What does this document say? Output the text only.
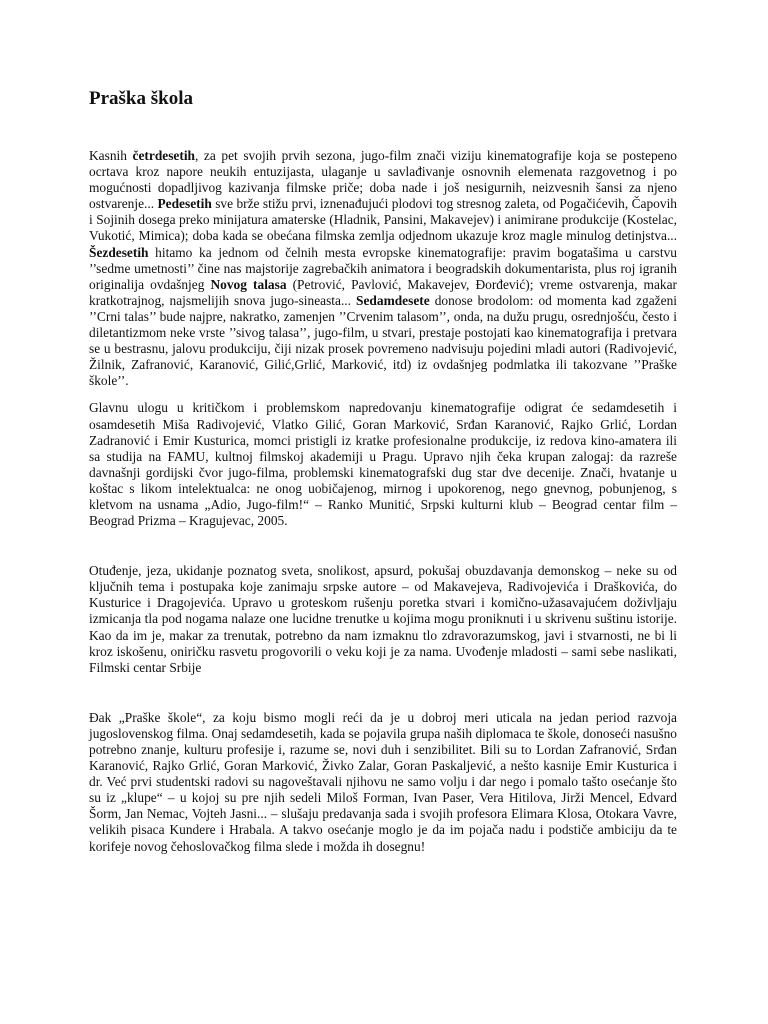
Praška škola

Kasnih četrdesetih, za pet svojih prvih sezona, jugo-film znači viziju kinematografije koja se postepeno ocrtava kroz napore neukih entuzijasta, ulaganje u savlađivanje osnovnih elemenata razgovetnog i po mogućnosti dopadljivog kazivanja filmske priče; doba nade i još nesigurnih, neizvesnih šansi za njeno ostvarenje... Pedesetih sve brže stižu prvi, iznenađujući plodovi tog stresnog zaleta, od Pogačićevih, Čapovih i Sojinih dosega preko minijatura amaterske (Hladnik, Pansini, Makavejev) i animirane produkcije (Kostelac, Vukotić, Mimica); doba kada se obećana filmska zemlja odjednom ukazuje kroz magle minulog detinjstva... Šezdesetih hitamo ka jednom od čelnih mesta evropske kinematografije: pravim bogatašima u carstvu ’’sedme umetnosti’’ čine nas majstorije zagrebačkih animatora i beogradskih dokumentarista, plus roj igranih originalija ovdašnjeg Novog talasa (Petrović, Pavlović, Makavejev, Đorđević); vreme ostvarenja, makar kratkotrajnog, najsmelijih snova jugo-sineasta... Sedamdesete donose brodolom: od momenta kad zgaženi ’’Crni talas’’ bude najpre, nakratko, zamenjen ’’Crvenim talasom’’, onda, na dužu prugu, osrednjošću, često i diletantizmom neke vrste ’’sivog talasa’’, jugo-film, u stvari, prestaje postojati kao kinematografija i pretvara se u bestrasnu, jalovu produkciju, čiji nizak prosek povremeno nadvisuju pojedini mladi autori (Radivojević, Žilnik, Zafranović, Karanović, Gilić,Grlić, Marković, itd) iz ovdašnjeg podmlatka ili takozvane ’’Praške škole’’.

Glavnu ulogu u kritičkom i problemskom napredovanju kinematografije odigrat će sedamdesetih i osamdesetih Miša Radivojević, Vlatko Gilić, Goran Marković, Srđan Karanović, Rajko Grlić, Lordan Zadranović i Emir Kusturica, momci pristigli iz kratke profesionalne produkcije, iz redova kino-amatera ili sa studija na FAMU, kultnoj filmskoj akademiji u Pragu. Upravo njih čeka krupan zalogaj: da razreše davnašnji gordijski čvor jugo-filma, problemski kinematografski dug star dve decenije. Znači, hvatanje u koštac s likom intelektualca: ne onog uobičajenog, mirnog i upokorenog, nego gnevnog, pobunjenog, s kletvom na usnama „Adio, Jugo-film!“ – Ranko Munitić, Srpski kulturni klub – Beograd centar film – Beograd Prizma – Kragujevac, 2005.

Otuđenje, jeza, ukidanje poznatog sveta, snolikost, apsurd, pokušaj obuzdavanja demonskog – neke su od ključnih tema i postupaka koje zanimaju srpske autore – od Makavejeva, Radivojevića i Draškovića, do Kusturice i Dragojevića. Upravo u groteskom rušenju poretka stvari i komično-užasavajućem doživljaju izmicanja tla pod nogama nalaze one lucidne trenutke u kojima mogu proniknuti i u skrivenu suštinu istorije. Kao da im je, makar za trenutak, potrebno da nam izmaknu tlo zdravorazumskog, javi i stvarnosti, ne bi li kroz iskošenu, oniričku rasvetu progovorili o veku koji je za nama. Uvođenje mladosti – sami sebe naslikati, Filmski centar Srbije

Đak „Praške škole“, za koju bismo mogli reći da je u dobroj meri uticala na jedan period razvoja jugoslovenskog filma. Onaj sedamdesetih, kada se pojavila grupa naših diplomaca te škole, donoseći nasušno potrebno znanje, kulturu profesije i, razume se, novi duh i senzibilitet. Bili su to Lordan Zafranović, Srđan Karanović, Rajko Grlić, Goran Marković, Živko Zalar, Goran Paskaljević, a nešto kasnije Emir Kusturica i dr. Već prvi studentski radovi su nagoveštavali njihovu ne samo volju i dar nego i pomalo tašto osećanje što su iz „klupe“ – u kojoj su pre njih sedeli Miloš Forman, Ivan Paser, Vera Hitilova, Jirži Mencel, Edvard Šorm, Jan Nemac, Vojteh Jasni... – slušaju predavanja sada i svojih profesora Elimara Klosa, Otokara Vavre, velikih pisaca Kundere i Hrabala. A takvo osećanje moglo je da im pojača nadu i podstiče ambiciju da te korifeje novog čehoslovačkog filma slede i možda ih dosegnu!
